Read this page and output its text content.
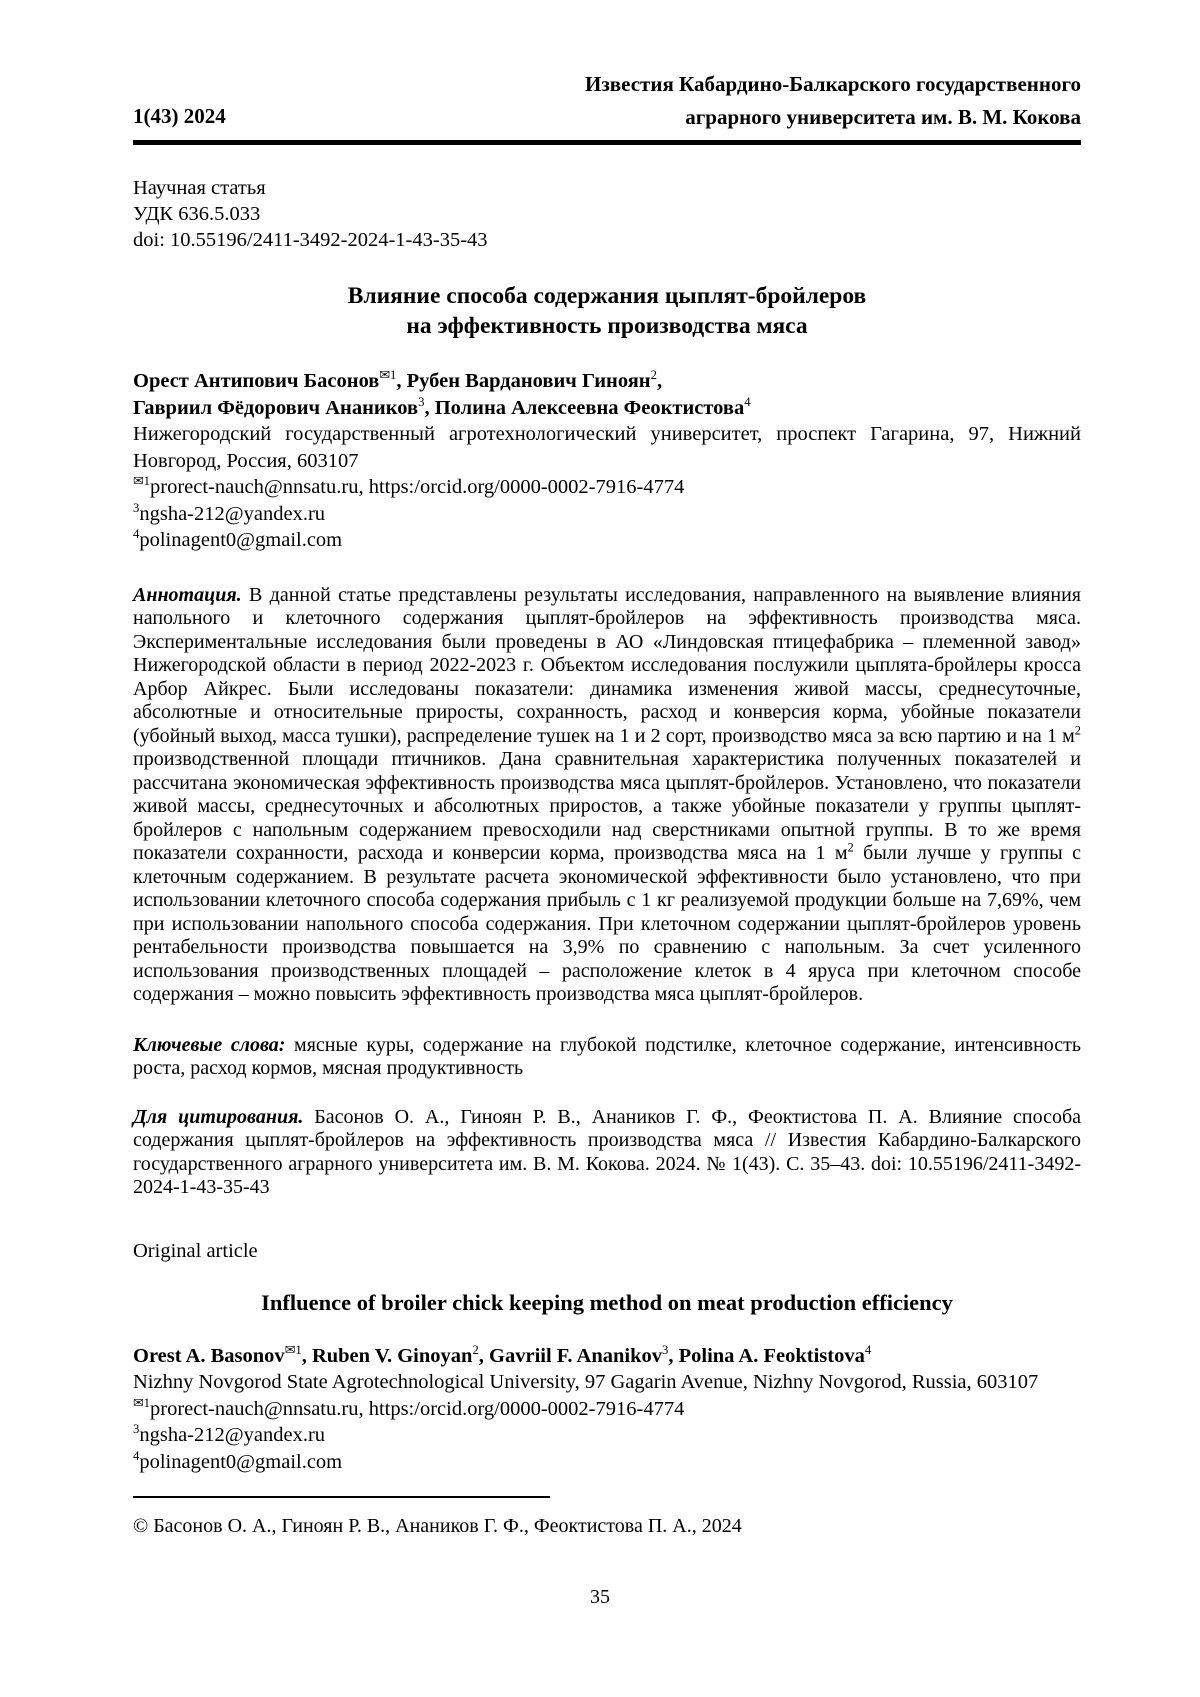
1(43) 2024
Известия Кабардино-Балкарского государственного
аграрного университета им. В. М. Кокова
Научная статья
УДК 636.5.033
doi: 10.55196/2411-3492-2024-1-43-35-43
Влияние способа содержания цыплят-бройлеров
на эффективность производства мяса
Орест Антипович Басонов$^{✉1}$, Рубен Варданович Гиноян$^2$,
Гавриил Фёдорович Анаников$^3$, Полина Алексеевна Феоктистова$^4$
Нижегородский государственный агротехнологический университет, проспект Гагарина, 97, Нижний Новгород, Россия, 603107
$^{✉1}$prorect-nauch@nnsatu.ru, https:/orcid.org/0000-0002-7916-4774
$^3$ngsha-212@yandex.ru
$^4$polinagent0@gmail.com
Аннотация. В данной статье представлены результаты исследования, направленного на выявление влияния напольного и клеточного содержания цыплят-бройлеров на эффективность производства мяса. Экспериментальные исследования были проведены в АО «Линдовская птицефабрика – племенной завод» Нижегородской области в период 2022-2023 г. Объектом исследования послужили цыплята-бройлеры кросса Арбор Айкрес. Были исследованы показатели: динамика изменения живой массы, среднесуточные, абсолютные и относительные приросты, сохранность, расход и конверсия корма, убойные показатели (убойный выход, масса тушки), распределение тушек на 1 и 2 сорт, производство мяса за всю партию и на 1 $м^2$ производственной площади птичников. Дана сравнительная характеристика полученных показателей и рассчитана экономическая эффективность производства мяса цыплят-бройлеров. Установлено, что показатели живой массы, среднесуточных и абсолютных приростов, а также убойные показатели у группы цыплят-бройлеров с напольным содержанием превосходили над сверстниками опытной группы. В то же время показатели сохранности, расхода и конверсии корма, производства мяса на 1 $м^2$ были лучше у группы с клеточным содержанием. В результате расчета экономической эффективности было установлено, что при использовании клеточного способа содержания прибыль с 1 кг реализуемой продукции больше на 7,69%, чем при использовании напольного способа содержания. При клеточном содержании цыплят-бройлеров уровень рентабельности производства повышается на 3,9% по сравнению с напольным. За счет усиленного использования производственных площадей – расположение клеток в 4 яруса при клеточном способе содержания – можно повысить эффективность производства мяса цыплят-бройлеров.
Ключевые слова: мясные куры, содержание на глубокой подстилке, клеточное содержание, интенсивность роста, расход кормов, мясная продуктивность
Для цитирования. Басонов О. А., Гиноян Р. В., Анаников Г. Ф., Феоктистова П. А. Влияние способа содержания цыплят-бройлеров на эффективность производства мяса // Известия Кабардино-Балкарского государственного аграрного университета им. В. М. Кокова. 2024. № 1(43). С. 35–43. doi: 10.55196/2411-3492-2024-1-43-35-43
Original article
Influence of broiler chick keeping method on meat production efficiency
Orest A. Basonov$^{✉1}$, Ruben V. Ginoyan$^2$, Gavriil F. Ananikov$^3$, Polina A. Feoktistova$^4$
Nizhny Novgorod State Agrotechnological University, 97 Gagarin Avenue, Nizhny Novgorod, Russia, 603107
$^{✉1}$prorect-nauch@nnsatu.ru, https:/orcid.org/0000-0002-7916-4774
$^3$ngsha-212@yandex.ru
$^4$polinagent0@gmail.com
© Басонов О. А., Гиноян Р. В., Анаников Г. Ф., Феоктистова П. А., 2024
35
